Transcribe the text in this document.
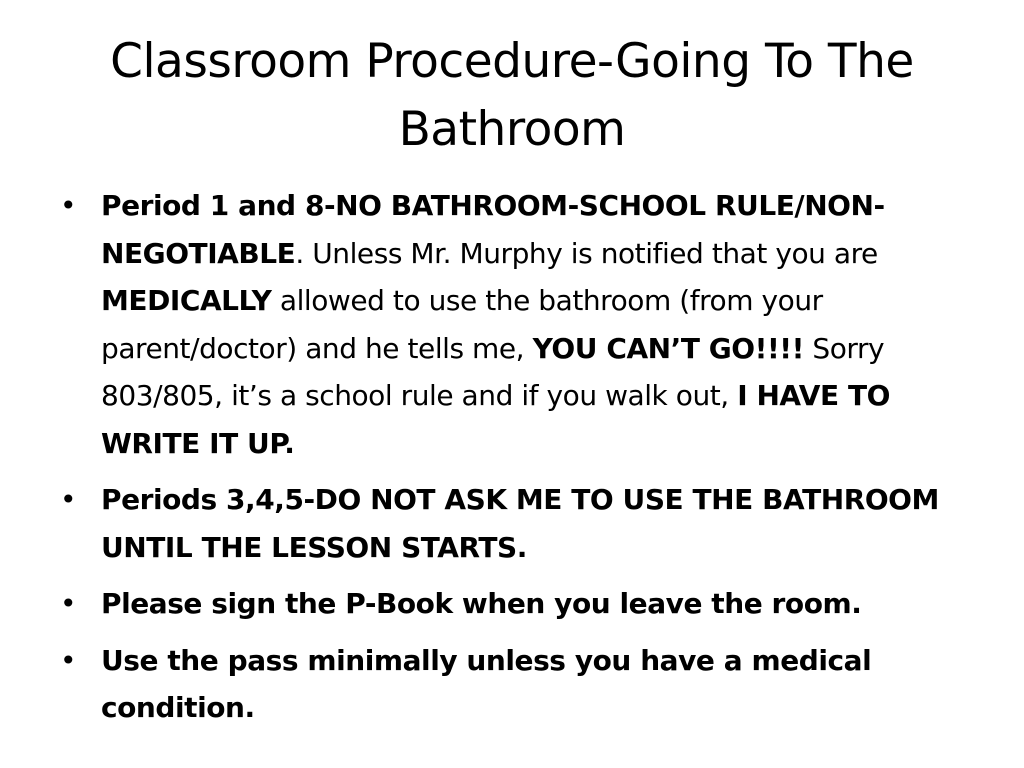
Classroom Procedure-Going To The Bathroom
• Period 1 and 8-NO BATHROOM-SCHOOL RULE/NON-NEGOTIABLE. Unless Mr. Murphy is notified that you are MEDICALLY allowed to use the bathroom (from your parent/doctor) and he tells me, YOU CAN’T GO!!!! Sorry 803/805, it’s a school rule and if you walk out, I HAVE TO WRITE IT UP.
• Periods 3,4,5-DO NOT ASK ME TO USE THE BATHROOM UNTIL THE LESSON STARTS.
• Please sign the P-Book when you leave the room.
• Use the pass minimally unless you have a medical condition.
